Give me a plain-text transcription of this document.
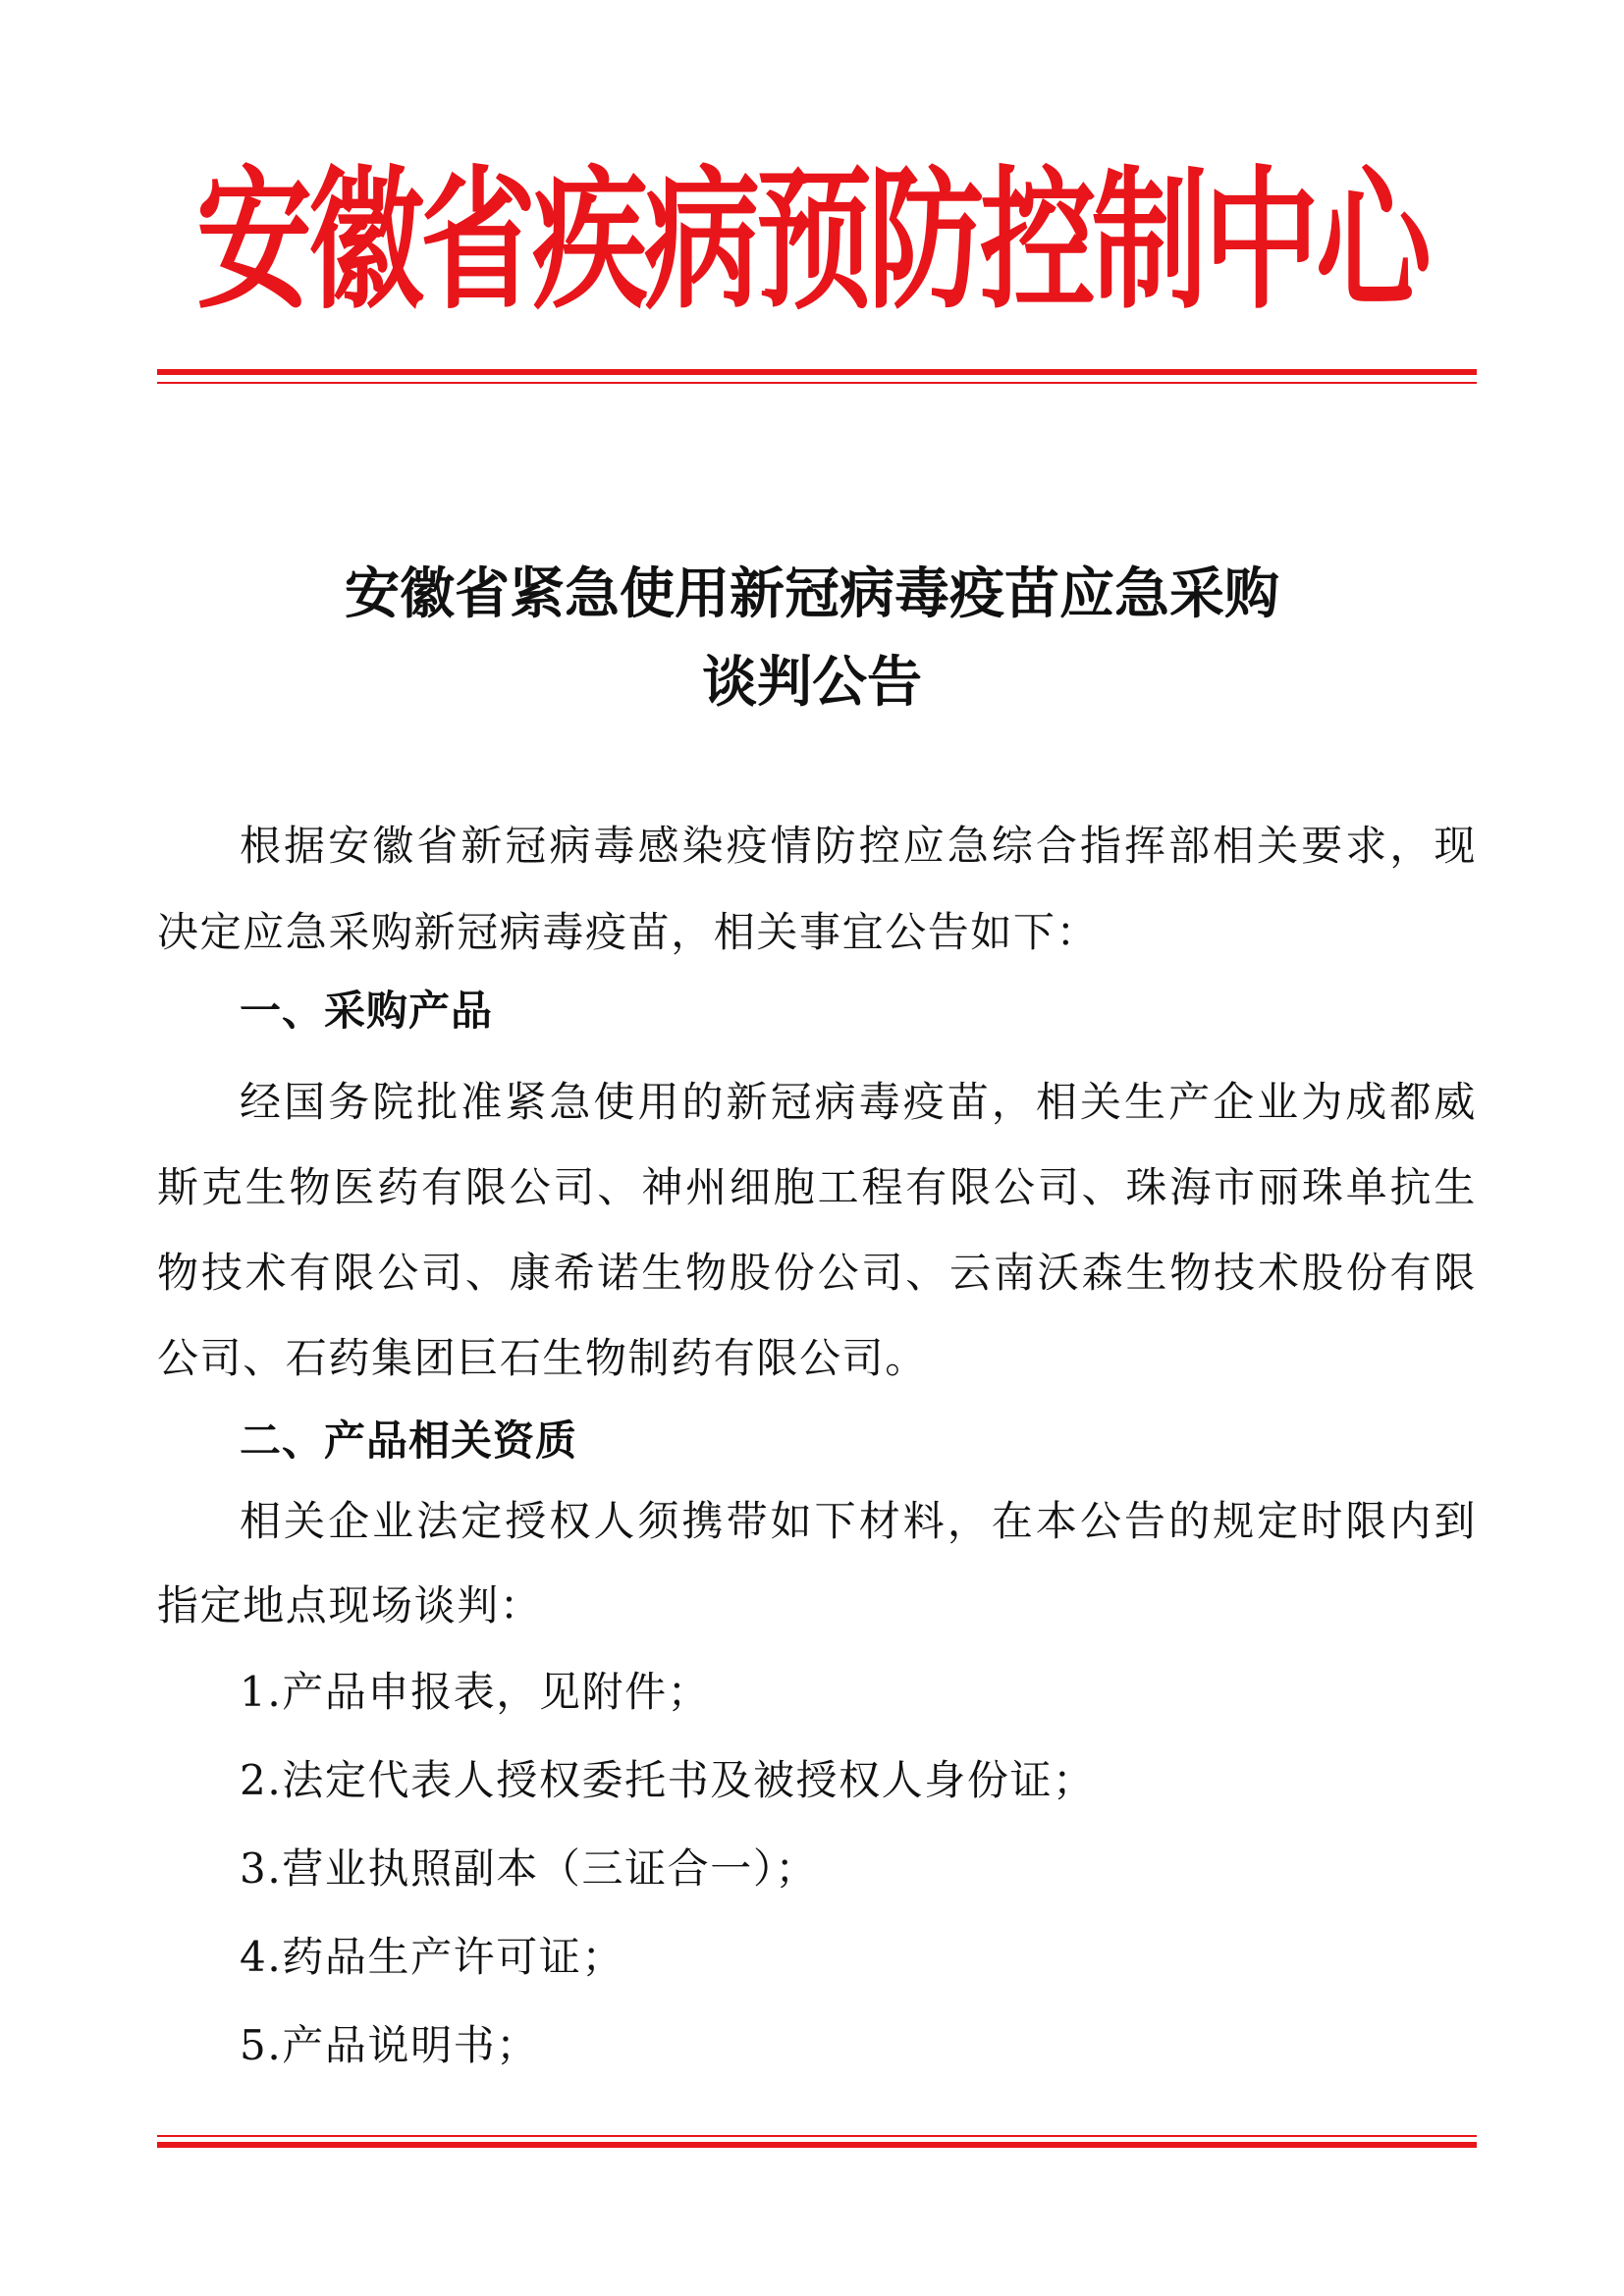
安徽省疾病预防控制中心
安徽省紧急使用新冠病毒疫苗应急采购
谈判公告
根据安徽省新冠病毒感染疫情防控应急综合指挥部相关要求，现
决定应急采购新冠病毒疫苗，相关事宜公告如下：
一、采购产品
经国务院批准紧急使用的新冠病毒疫苗，相关生产企业为成都威
斯克生物医药有限公司、神州细胞工程有限公司、珠海市丽珠单抗生
物技术有限公司、康希诺生物股份公司、云南沃森生物技术股份有限
公司、石药集团巨石生物制药有限公司。
二、产品相关资质
相关企业法定授权人须携带如下材料，在本公告的规定时限内到
指定地点现场谈判：
1.产品申报表，见附件；
2.法定代表人授权委托书及被授权人身份证；
3.营业执照副本（三证合一）；
4.药品生产许可证；
5.产品说明书；
